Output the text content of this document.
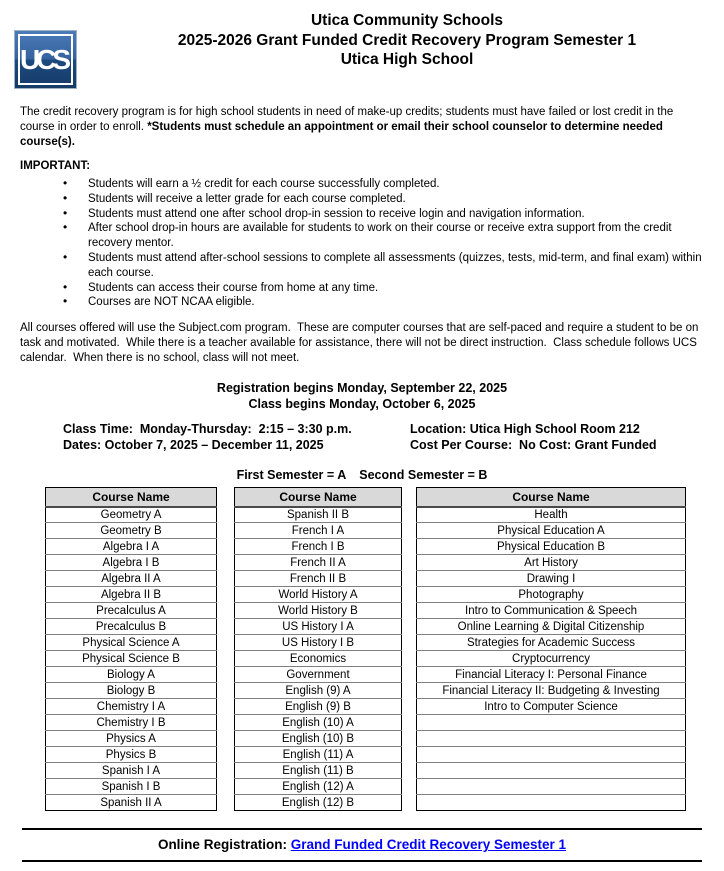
UCS
Utica Community Schools
2025-2026 Grant Funded Credit Recovery Program Semester 1
Utica High School

The credit recovery program is for high school students in need of make-up credits; students must have failed or lost credit in the course in order to enroll. *Students must schedule an appointment or email their school counselor to determine needed course(s).

IMPORTANT:
• Students will earn a ½ credit for each course successfully completed.
• Students will receive a letter grade for each course completed.
• Students must attend one after school drop-in session to receive login and navigation information.
• After school drop-in hours are available for students to work on their course or receive extra support from the credit recovery mentor.
• Students must attend after-school sessions to complete all assessments (quizzes, tests, mid-term, and final exam) within each course.
• Students can access their course from home at any time.
• Courses are NOT NCAA eligible.

All courses offered will use the Subject.com program.  These are computer courses that are self-paced and require a student to be on task and motivated.  While there is a teacher available for assistance, there will not be direct instruction.  Class schedule follows UCS calendar.  When there is no school, class will not meet.

Registration begins Monday, September 22, 2025
Class begins Monday, October 6, 2025
Class Time:  Monday-Thursday:  2:15 – 3:30 p.m.
Dates: October 7, 2025 – December 11, 2025
Location: Utica High School Room 212
Cost Per Course:  No Cost: Grant Funded
First Semester = A Second Semester = B
Course Name
Geometry A
Geometry B
Algebra I A
Algebra I B
Algebra II A
Algebra II B
Precalculus A
Precalculus B
Physical Science A
Physical Science B
Biology A
Biology B
Chemistry I A
Chemistry I B
Physics A
Physics B
Spanish I A
Spanish I B
Spanish II A
Course Name
Spanish II B
French I A
French I B
French II A
French II B
World History A
World History B
US History I A
US History I B
Economics
Government
English (9) A
English (9) B
English (10) A
English (10) B
English (11) A
English (11) B
English (12) A
English (12) B
Course Name
Health
Physical Education A
Physical Education B
Art History
Drawing I
Photography
Intro to Communication & Speech
Online Learning & Digital Citizenship
Strategies for Academic Success
Cryptocurrency
Financial Literacy I: Personal Finance
Financial Literacy II: Budgeting & Investing
Intro to Computer Science

Online Registration: Grand Funded Credit Recovery Semester 1
